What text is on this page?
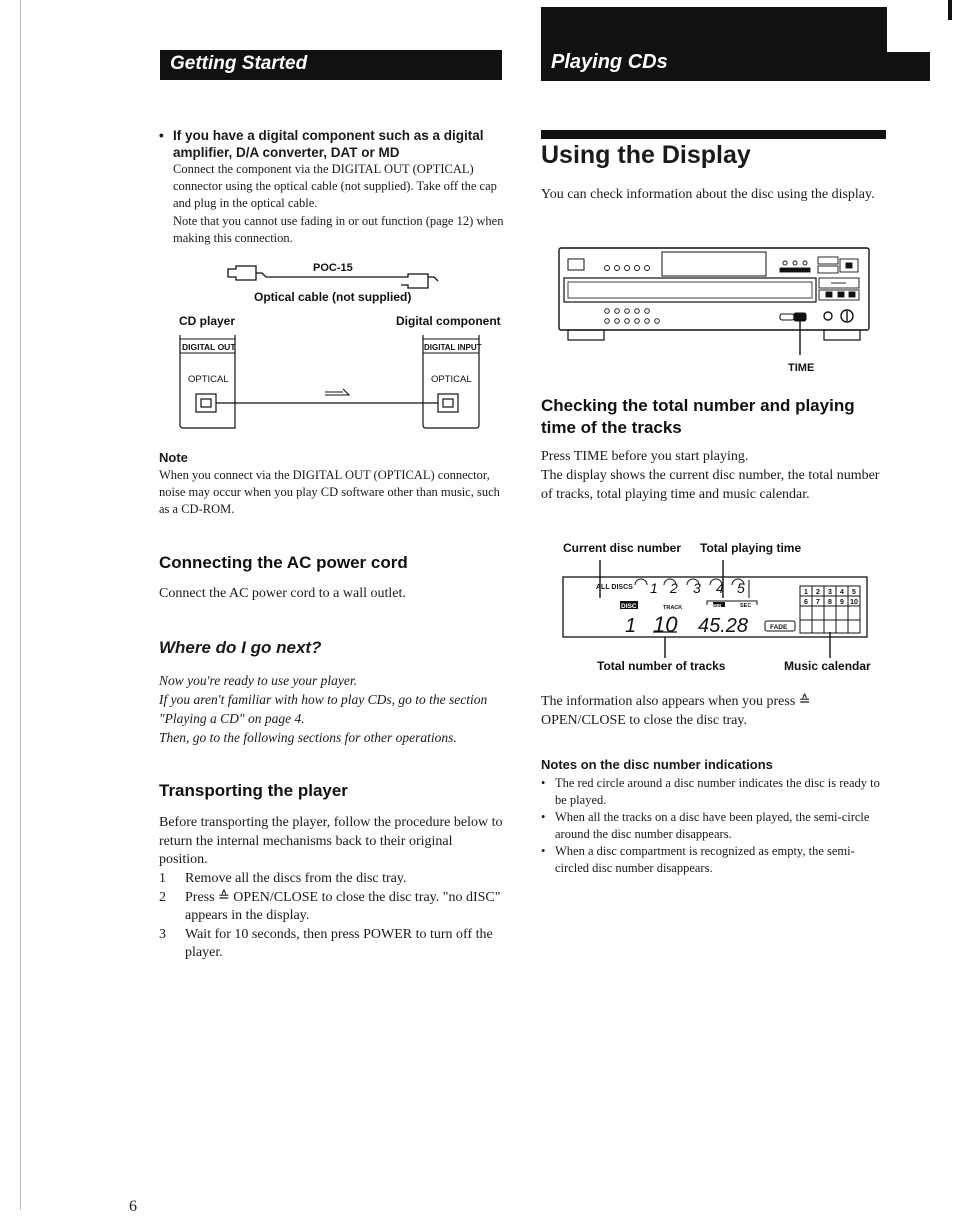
Getting Started	Playing CDs
• If you have a digital component such as a digital amplifier, D/A converter, DAT or MD
Connect the component via the DIGITAL OUT (OPTICAL) connector using the optical cable (not supplied). Take off the cap and plug in the optical cable.
Note that you cannot use fading in or out function (page 12) when making this connection.
POC-15
Optical cable (not supplied)
CD player	Digital component
DIGITAL OUT
OPTICAL
DIGITAL INPUT
OPTICAL
Note
When you connect via the DIGITAL OUT (OPTICAL) connector, noise may occur when you play CD software other than music, such as a CD-ROM.
Connecting the AC power cord
Connect the AC power cord to a wall outlet.
Where do I go next?
Now you're ready to use your player.
If you aren't familiar with how to play CDs, go to the section "Playing a CD" on page 4.
Then, go to the following sections for other operations.
Transporting the player
Before transporting the player, follow the procedure below to return the internal mechanisms back to their original position.
1	Remove all the discs from the disc tray.
2	Press ≙ OPEN/CLOSE to close the disc tray. "no dISC" appears in the display.
3	Wait for 10 seconds, then press POWER to turn off the player.
6
Using the Display
You can check information about the disc using the display.
TIME
Checking the total number and playing time of the tracks
Press TIME before you start playing.
The display shows the current disc number, the total number of tracks, total playing time and music calendar.
Current disc number Total playing time
Total number of tracks	Music calendar
ALL DISCS 1 2 3 4 5
DISC	TRACK	MIN	SEC
1 10 45.28	FADE
1 2 3 4 5
6 7 8 9 10
The information also appears when you press ≙ OPEN/CLOSE to close the disc tray.
Notes on the disc number indications
• The red circle around a disc number indicates the disc is ready to be played.
• When all the tracks on a disc have been played, the semi-circle around the disc number disappears.
• When a disc compartment is recognized as empty, the semi-circled disc number disappears.
